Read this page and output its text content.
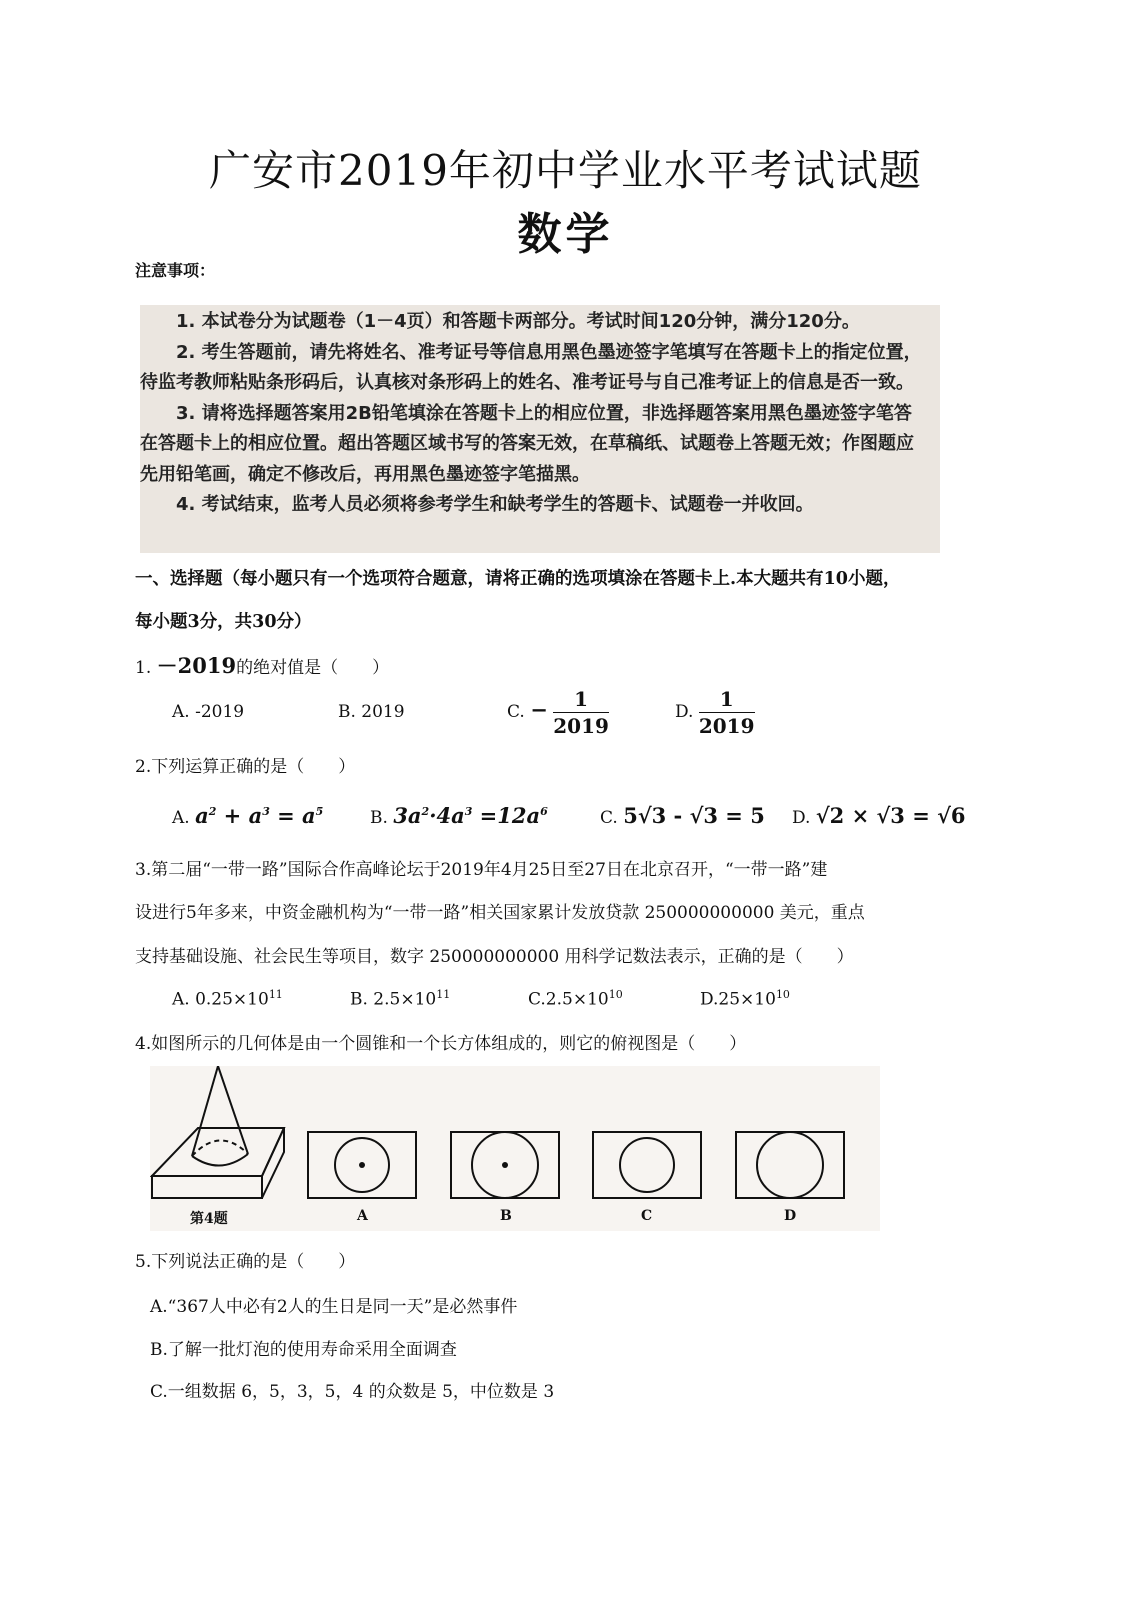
广安市2019年初中学业水平考试试题
数学
注意事项：

1. 本试卷分为试题卷（1－4页）和答题卡两部分。考试时间120分钟，满分120分。

2. 考生答题前，请先将姓名、准考证号等信息用黑色墨迹签字笔填写在答题卡上的指定位置，待监考教师粘贴条形码后，认真核对条形码上的姓名、准考证号与自己准考证上的信息是否一致。

3. 请将选择题答案用2B铅笔填涂在答题卡上的相应位置，非选择题答案用黑色墨迹签字笔答在答题卡上的相应位置。超出答题区域书写的答案无效，在草稿纸、试题卷上答题无效；作图题应先用铅笔画，确定不修改后，再用黑色墨迹签字笔描黑。

4. 考试结束，监考人员必须将参考学生和缺考学生的答题卡、试题卷一并收回。

一、选择题（每小题只有一个选项符合题意，请将正确的选项填涂在答题卡上.本大题共有10小题，
每小题3分，共30分）
1. －2019的绝对值是（　　）
A. -2019	B. 2019	C. − $\frac{1}{2019}$	D. $\frac{1}{2019}$
2.下列运算正确的是（　　）
A. $a^2 + a^3 = a^5$	B. $3a^2\cdot 4a^3 =12a^6$	C. 5√3 - √3 = 5 D. √2 × √3 = √6
3.第二届“一带一路”国际合作高峰论坛于2019年4月25日至27日在北京召开，“一带一路”建
设进行5年多来，中资金融机构为“一带一路”相关国家累计发放贷款 250000000000 美元，重点
支持基础设施、社会民生等项目，数字 250000000000 用科学记数法表示，正确的是（　　）
A. $0.25\times 10^{11}$	B. $2.5\times 10^{11}$	$C.2.5\times 10^{10}$	$D.25\times 10^{10}$
4.如图所示的几何体是由一个圆锥和一个长方体组成的，则它的俯视图是（　　）
第4题	A	B	C	D
5.下列说法正确的是（　　）
A.“367人中必有2人的生日是同一天”是必然事件
B.了解一批灯泡的使用寿命采用全面调查
C.一组数据 6，5，3，5，4 的众数是 5，中位数是 3
